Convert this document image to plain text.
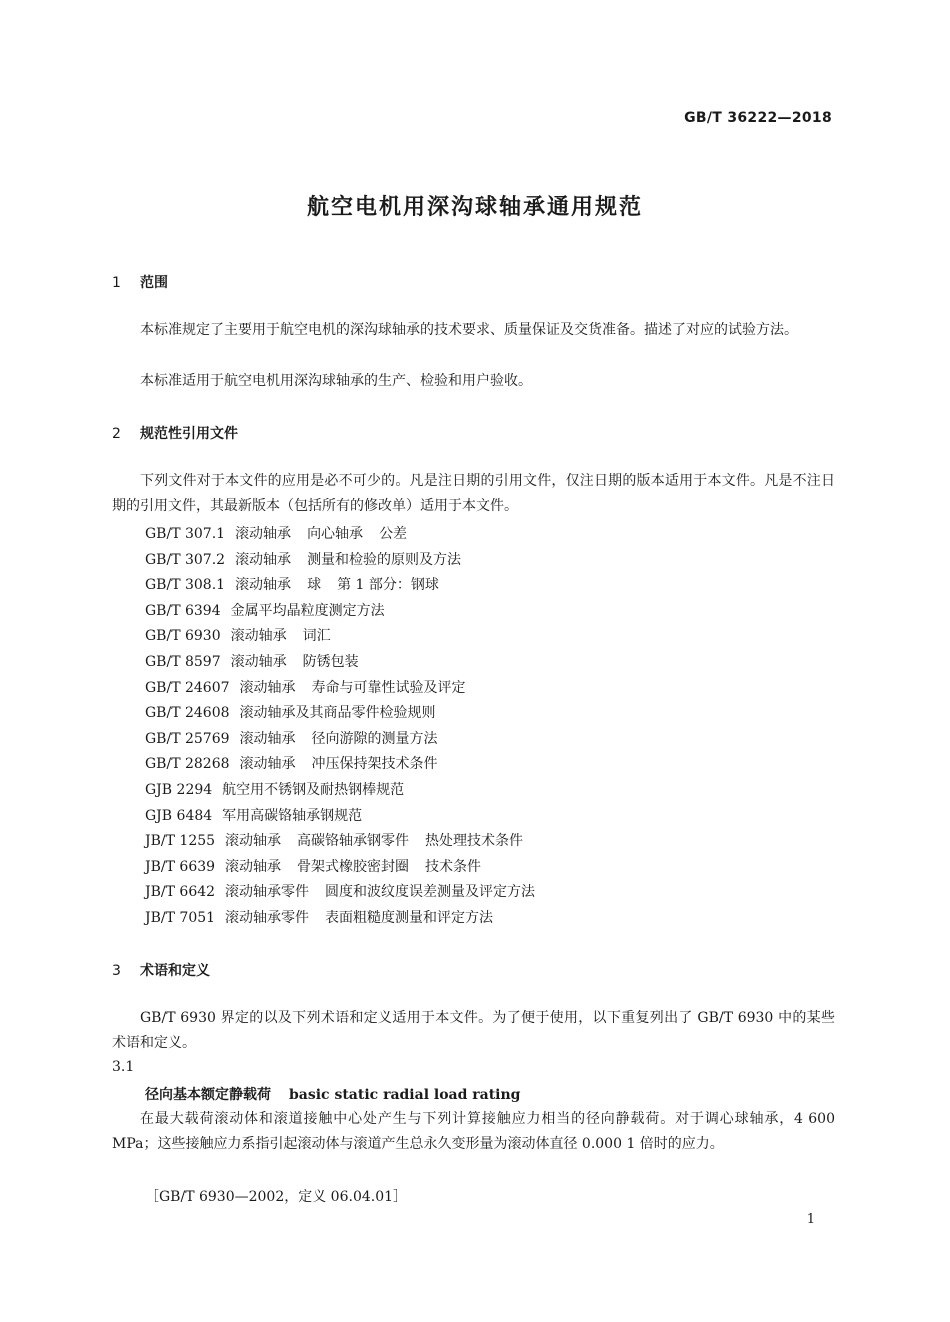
GB/T 36222—2018
航空电机用深沟球轴承通用规范
1 范围
本标准规定了主要用于航空电机的深沟球轴承的技术要求、质量保证及交货准备。描述了对应的试验方法。
本标准适用于航空电机用深沟球轴承的生产、检验和用户验收。
2 规范性引用文件
下列文件对于本文件的应用是必不可少的。凡是注日期的引用文件，仅注日期的版本适用于本文件。凡是不注日期的引用文件，其最新版本（包括所有的修改单）适用于本文件。
GB/T 307.1 滚动轴承 向心轴承 公差
GB/T 307.2 滚动轴承 测量和检验的原则及方法
GB/T 308.1 滚动轴承 球 第 1 部分：钢球
GB/T 6394 金属平均晶粒度测定方法
GB/T 6930 滚动轴承 词汇
GB/T 8597 滚动轴承 防锈包装
GB/T 24607 滚动轴承 寿命与可靠性试验及评定
GB/T 24608 滚动轴承及其商品零件检验规则
GB/T 25769 滚动轴承 径向游隙的测量方法
GB/T 28268 滚动轴承 冲压保持架技术条件
GJB 2294 航空用不锈钢及耐热钢棒规范
GJB 6484 军用高碳铬轴承钢规范
JB/T 1255 滚动轴承 高碳铬轴承钢零件 热处理技术条件
JB/T 6639 滚动轴承 骨架式橡胶密封圈 技术条件
JB/T 6642 滚动轴承零件 圆度和波纹度误差测量及评定方法
JB/T 7051 滚动轴承零件 表面粗糙度测量和评定方法
3 术语和定义
GB/T 6930 界定的以及下列术语和定义适用于本文件。为了便于使用，以下重复列出了 GB/T 6930 中的某些术语和定义。
3.1
径向基本额定静载荷 basic static radial load rating
在最大载荷滚动体和滚道接触中心处产生与下列计算接触应力相当的径向静载荷。对于调心球轴承，4 600 MPa；这些接触应力系指引起滚动体与滚道产生总永久变形量为滚动体直径 0.000 1 倍时的应力。
［GB/T 6930—2002，定义 06.04.01］
1
